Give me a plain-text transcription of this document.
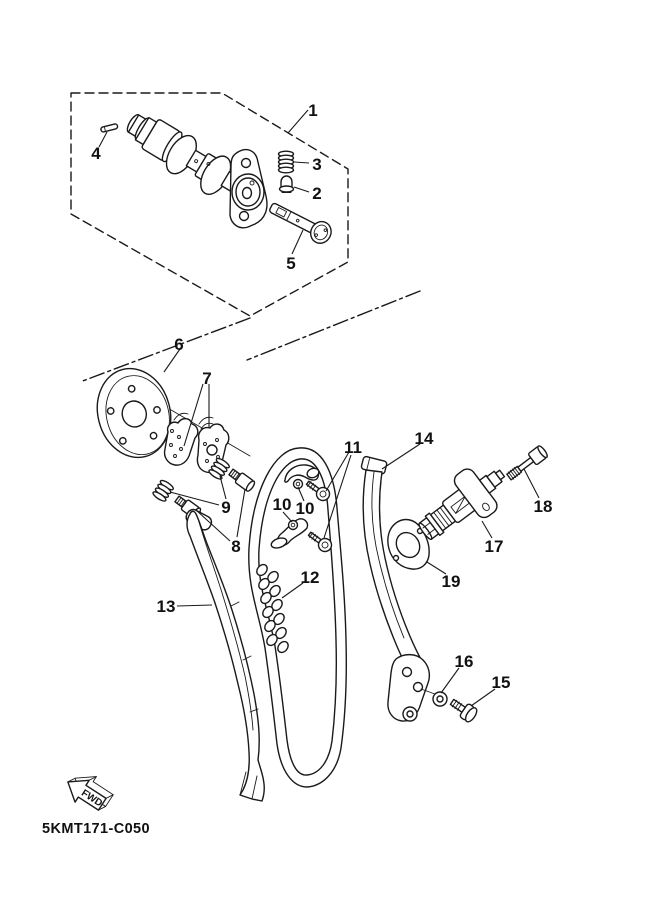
1
2
3
4
5
6
7
8
9 10 10
11
12
13
14
15
16
17
18
19
FWD
5KMT171-C050
